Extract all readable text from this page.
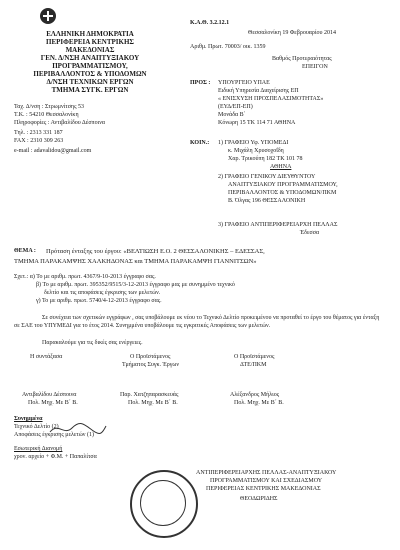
ΕΛΛΗΝΙΚΗ ΔΗΜΟΚΡΑΤΙΑ
ΠΕΡΙΦΕΡΕΙΑ ΚΕΝΤΡΙΚΗΣ
ΜΑΚΕΔΟΝΙΑΣ
ΓΕΝ. Δ/ΝΣΗ ΑΝΑΠΤΥΞΙΑΚΟΥ
ΠΡΟΓΡΑΜΜΑΤΙΣΜΟΥ,
ΠΕΡΙΒΑΛΛΟΝΤΟΣ & ΥΠΟΔΟΜΩΝ
Δ/ΝΣΗ ΤΕΧΝΙΚΩΝ ΕΡΓΩΝ
ΤΜΗΜΑ ΣΥΓΚ. ΕΡΓΩΝ
Ταχ. Δ/νση : Στρωμνίτσης 53
Τ.Κ. : 54210 Θεσσαλονίκη
Πληροφορίες : Αντιβαλίδου Δέσποινα
Τηλ. : 2313 331 187
FAX : 2310 309 263
e-mail : adavalidou@gmail.com
Κ.Α.Θ. 3.2.12.1
Θεσσαλονίκη 19 Φεβρουαρίου 2014
Αριθμ. Πρωτ. 70003/ οικ. 1359
Βαθμός Προτεραιότητας
ΕΠΕΙΓΟΝ
ΠΡΟΣ : ΥΠΟΥΡΓΕΙΟ ΥΠΑΕ
Ειδική Υπηρεσία Διαχείρισης ΕΠ
« ΕΝΙΣΧΥΣΗ ΠΡΟΣΠΕΛΑΣΙΜΟΤΗΤΑΣ»
(ΕΥΔ/ΕΠ-ΕΠ)
Μονάδα Β΄
Κόνωρη 15 ΤΚ 114 71 ΑΘΗΝΑ
ΚΟΙΝ.: 1) ΓΡΑΦΕΙΟ Υφ. ΥΠΟΜΕΔΙ
κ. Μιχάλη Χρυσοχοΐδη
Χαρ. Τρικούπη 182 ΤΚ 101 78
ΑΘΗΝΑ
2) ΓΡΑΦΕΙΟ ΓΕΝΙΚΟΥ ΔΙΕΥΘΥΝΤΟΥ
ΑΝΑΠΤΥΞΙΑΚΟΥ ΠΡΟΓΡΑΜΜΑΤΙΣΜΟΥ,
ΠΕΡΙΒΑΛΛΟΝΤΟΣ & ΥΠΟΔΟΜΩΝ/ΠΚΜ
Β. Όλγας 196 ΘΕΣΣΑΛΟΝΙΚΗ
3) ΓΡΑΦΕΙΟ ΑΝΤΙΠΕΡΙΦΕΡΕΙΑΡΧΗ ΠΕΛΛΑΣ
Έδεσσα
ΘΕΜΑ : Πρόταση ένταξης του έργου: «ΒΕΛΤΙΩΣΗ Ε.Ο. 2 ΘΕΣΣΑΛΟΝΙΚΗΣ – ΕΔΕΣΣΑΣ,
ΤΜΗΜΑ ΠΑΡΑΚΑΜΨΗΣ ΧΑΛΚΗΔΟΝΑΣ και ΤΜΗΜΑ ΠΑΡΑΚΑΜΨΗ ΓΙΑΝΝΙΤΣΩΝ»
Σχετ.: α) Το με αριθμ. πρωτ. 4367/9-10-2013 έγγραφο σας.
β) Το με αριθμ. πρωτ. 395352/9515/3-12-2013 έγγραφο μας με συνημμένο τεχνικό
δελτίο και τις αποφάσεις έγκρισης των μελετών.
γ) Το με αριθμ. πρωτ. 5740/4-12-2013 έγγραφο σας.
Σε συνέχεια των σχετικών εγγράφων , σας υποβάλουμε εκ νέου το Τεχνικό Δελτίο προκειμένου να προταθεί το έργο του θέματος για ένταξη σε ΣΑΕ του ΥΠΥΜΕΔΙ για το έτος 2014. Συνημμένα υποβάλουμε τις εγκριτικές Αποφάσεις των μελετών.
Παρακαλούμε για τις δικές σας ενέργειες.
Η συντάξασα	Ο Προϊστάμενος
Τμήματος Συγκ. Έργων
Ο Προϊστάμενος
ΔΤΕ/ΠΚΜ
Αντιβαλίδου Δέσποινα
Πολ. Μηχ. Με Β΄ Β.
Παρ. Χατζηπαρασκευάς
Πολ. Μηχ. Με Β΄ Β.
Αλέξανδρος Μήλιος
Πολ. Μηχ. Με Β΄ Β.
Συνημμένα
Τεχνικό Δελτίο (2)
Αποφάσεις έγκρισης μελετών (1)
Εσωτερική Διανομή
χρον. αρχείο + Φ.Μ. + Παπαλίτσα
ΑΝΤΙΠΕΡΙΦΕΡΕΙΑΡΧΗΣ ΠΕΛΛΑΣ-ΑΝΑΠΤΥΞΙΑΚΟΥ
ΠΡΟΓΡΑΜΜΑΤΙΣΜΟΥ ΚΑΙ ΣΧΕΔΙΑΣΜΟΥ
ΠΕΡΙΦΕΡΕΙΑΣ ΚΕΝΤΡΙΚΗΣ ΜΑΚΕΔΟΝΙΑΣ
ΘΕΟΔΩΡΙΔΗΣ
